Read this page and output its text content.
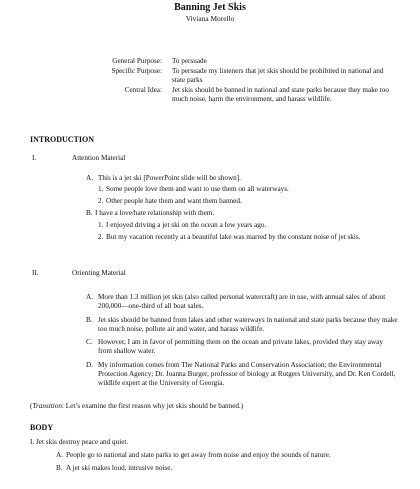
Banning Jet Skis
Viviana Morello
General Purpose: To persuade
Specific Purpose: To persuade my listeners that jet skis should be prohibited in national and state parks
Central Idea: Jet skis should be banned in national and state parks because they make too much noise, harm the environment, and harass wildlife.
INTRODUCTION
I.	Attention Material
A. This is a jet ski [PowerPoint slide will be shown].
1. Some people love them and want to use them on all waterways.
2. Other people hate them and want them banned.
B. I have a love/hate relationship with them.
1. I enjoyed driving a jet ski on the ocean a few years ago.
2. But my vacation recently at a beautiful lake was marred by the constant noise of jet skis.
II.	Orienting Material
A. More than 1.3 million jet skis (also called personal watercraft) are in use, with annual sales of about 200,000—one-third of all boat sales.
B. Jet skis should be banned from lakes and other waterways in national and state parks because they make too much noise, pollute air and water, and harass wildlife.
C. However, I am in favor of permitting them on the ocean and private lakes, provided they stay away from shallow water.
D. My information comes from The National Parks and Conservation Association; the Environmental Protection Agency; Dr. Joanna Burger, professor of biology at Rutgers University, and Dr. Ken Cordell, wildlife expert at the University of Georgia.
(Transition: Let’s examine the first reason why jet skis should be banned.)
BODY
I. Jet skis destroy peace and quiet.
A. People go to national and state parks to get away from noise and enjoy the sounds of nature.
B. A jet ski makes loud, intrusive noise.
